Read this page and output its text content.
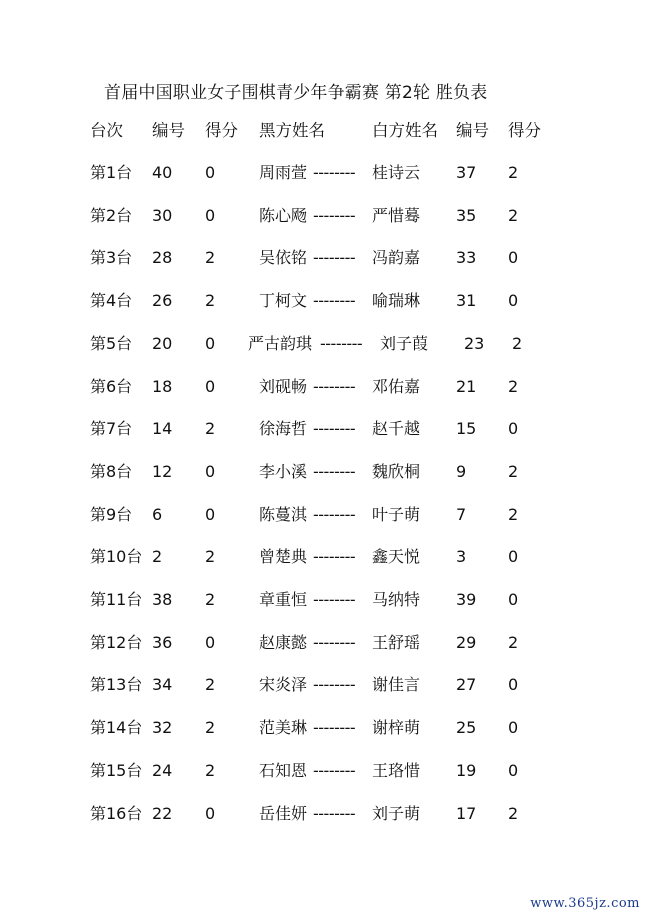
首届中国职业女子围棋青少年争霸赛 第2轮 胜负表
台次 编号 得分 黑方姓名	白方姓名 编号 得分
第1台 40 0	周雨萱	桂诗云 37 2
--------
第2台 30 0	陈心飏	严惜蓦 35 2
--------
第3台 28 2	吴依铭	冯韵嘉 33 0
--------
第4台 26 2	丁柯文	喻瑞琳 31 0
--------
第5台 20 0 严古韵琪	刘子葭 23 2
--------
第6台 18 0	刘砚畅	邓佑嘉 21 2
--------
第7台 14 2	徐海哲	赵千越 15 0
--------
第8台 12 0	李小溪	魏欣桐 9	2
--------
第9台 6	0	陈蔓淇	叶子萌 7	2
--------
第10台 2	2	曾楚典	鑫天悦 3	0
--------
第11台 38 2	章重恒	马纳特 39 0
--------
第12台 36 0	赵康懿	王舒瑶 29 2
--------
第13台 34 2	宋炎泽	谢佳言 27 0
--------
第14台 32 2	范美琳	谢梓萌 25 0
--------
第15台 24 2	石知恩	王珞惜 19 0
--------
第16台 22 0	岳佳妍	刘子萌 17 2
--------
www.365jz.com
